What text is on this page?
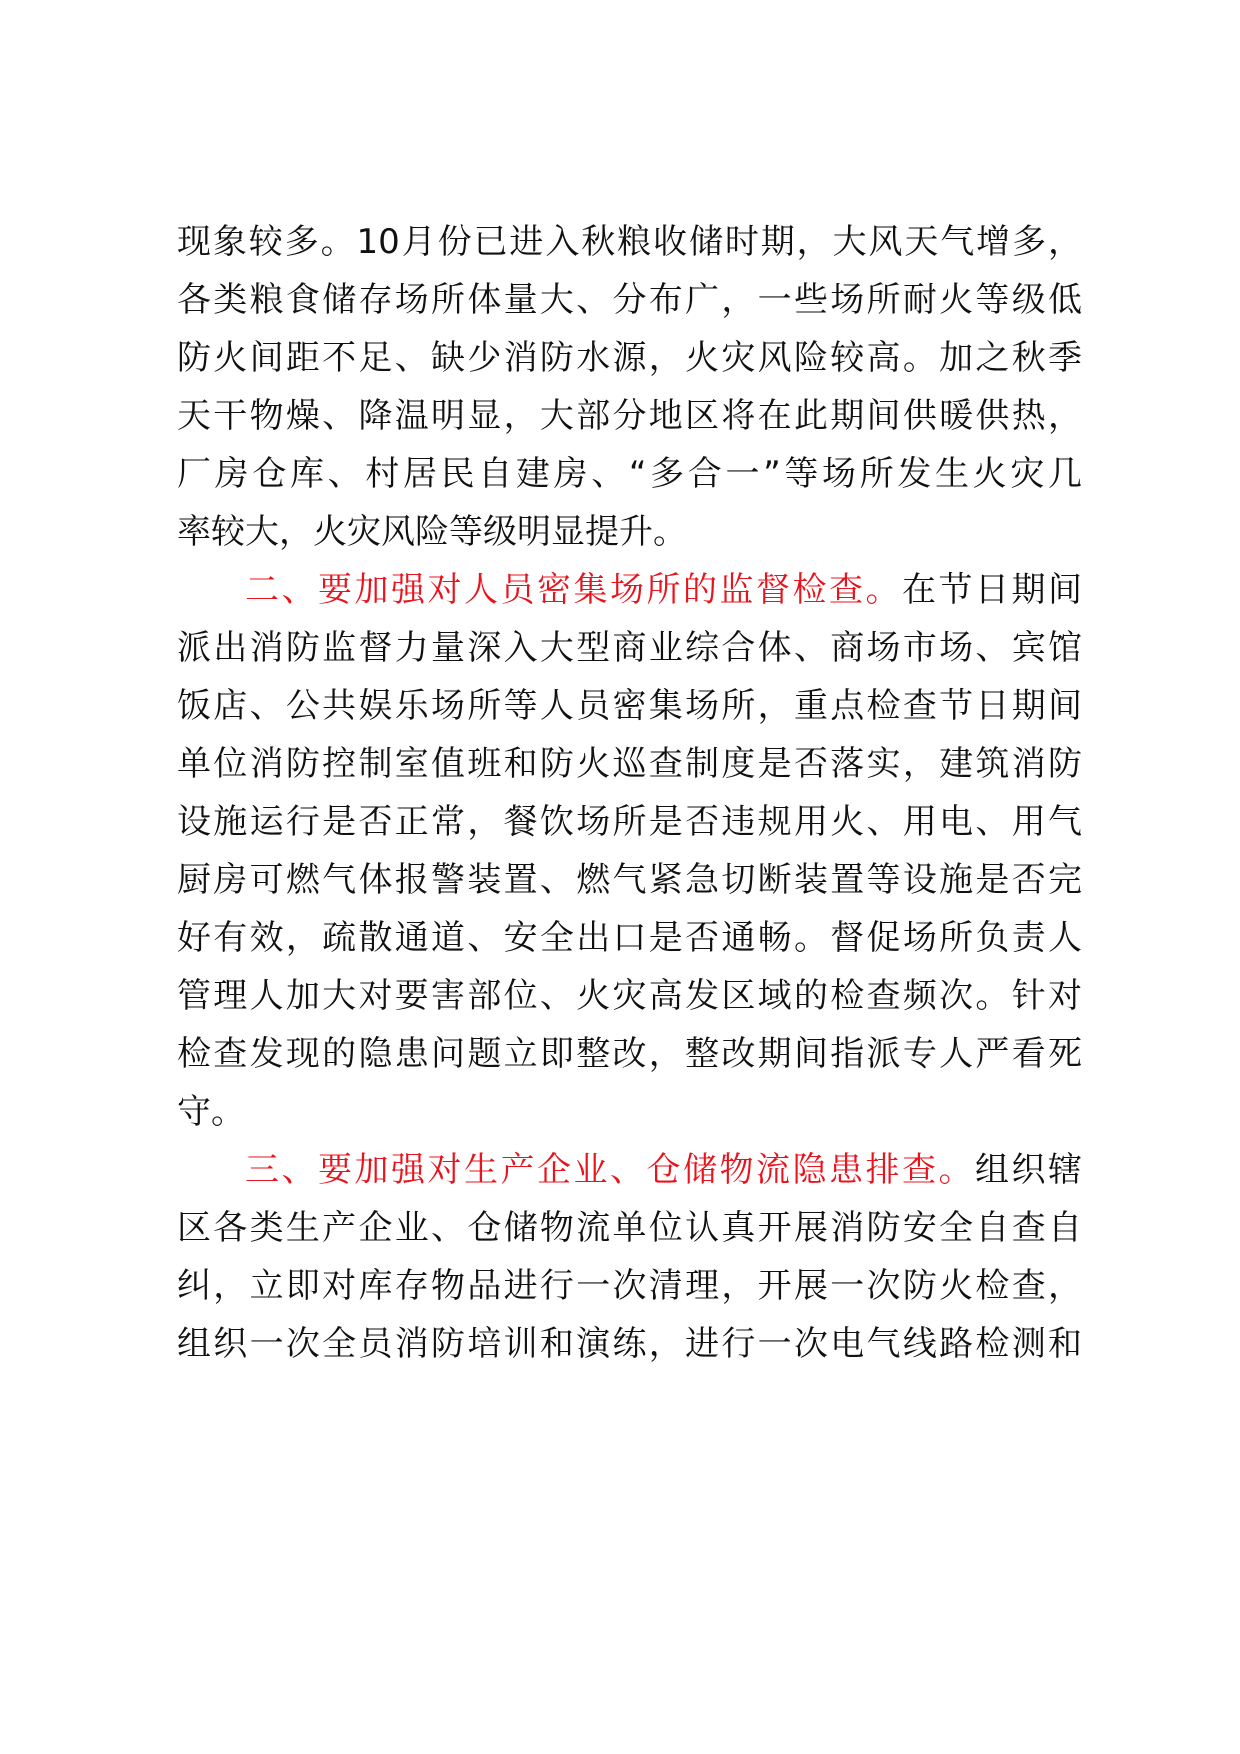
现象较多。10月份已进入秋粮收储时期，大风天气增多，
各类粮食储存场所体量大、分布广，一些场所耐火等级低
防火间距不足、缺少消防水源，火灾风险较高。加之秋季
天干物燥、降温明显，大部分地区将在此期间供暖供热，
厂房仓库、村居民自建房、“多合一”等场所发生火灾几
率较大，火灾风险等级明显提升。
二、要加强对人员密集场所的监督检查。在节日期间
派出消防监督力量深入大型商业综合体、商场市场、宾馆
饭店、公共娱乐场所等人员密集场所，重点检查节日期间
单位消防控制室值班和防火巡查制度是否落实，建筑消防
设施运行是否正常，餐饮场所是否违规用火、用电、用气
厨房可燃气体报警装置、燃气紧急切断装置等设施是否完
好有效，疏散通道、安全出口是否通畅。督促场所负责人
管理人加大对要害部位、火灾高发区域的检查频次。针对
检查发现的隐患问题立即整改，整改期间指派专人严看死
守。
三、要加强对生产企业、仓储物流隐患排查。组织辖
区各类生产企业、仓储物流单位认真开展消防安全自查自
纠，立即对库存物品进行一次清理，开展一次防火检查，
组织一次全员消防培训和演练，进行一次电气线路检测和
